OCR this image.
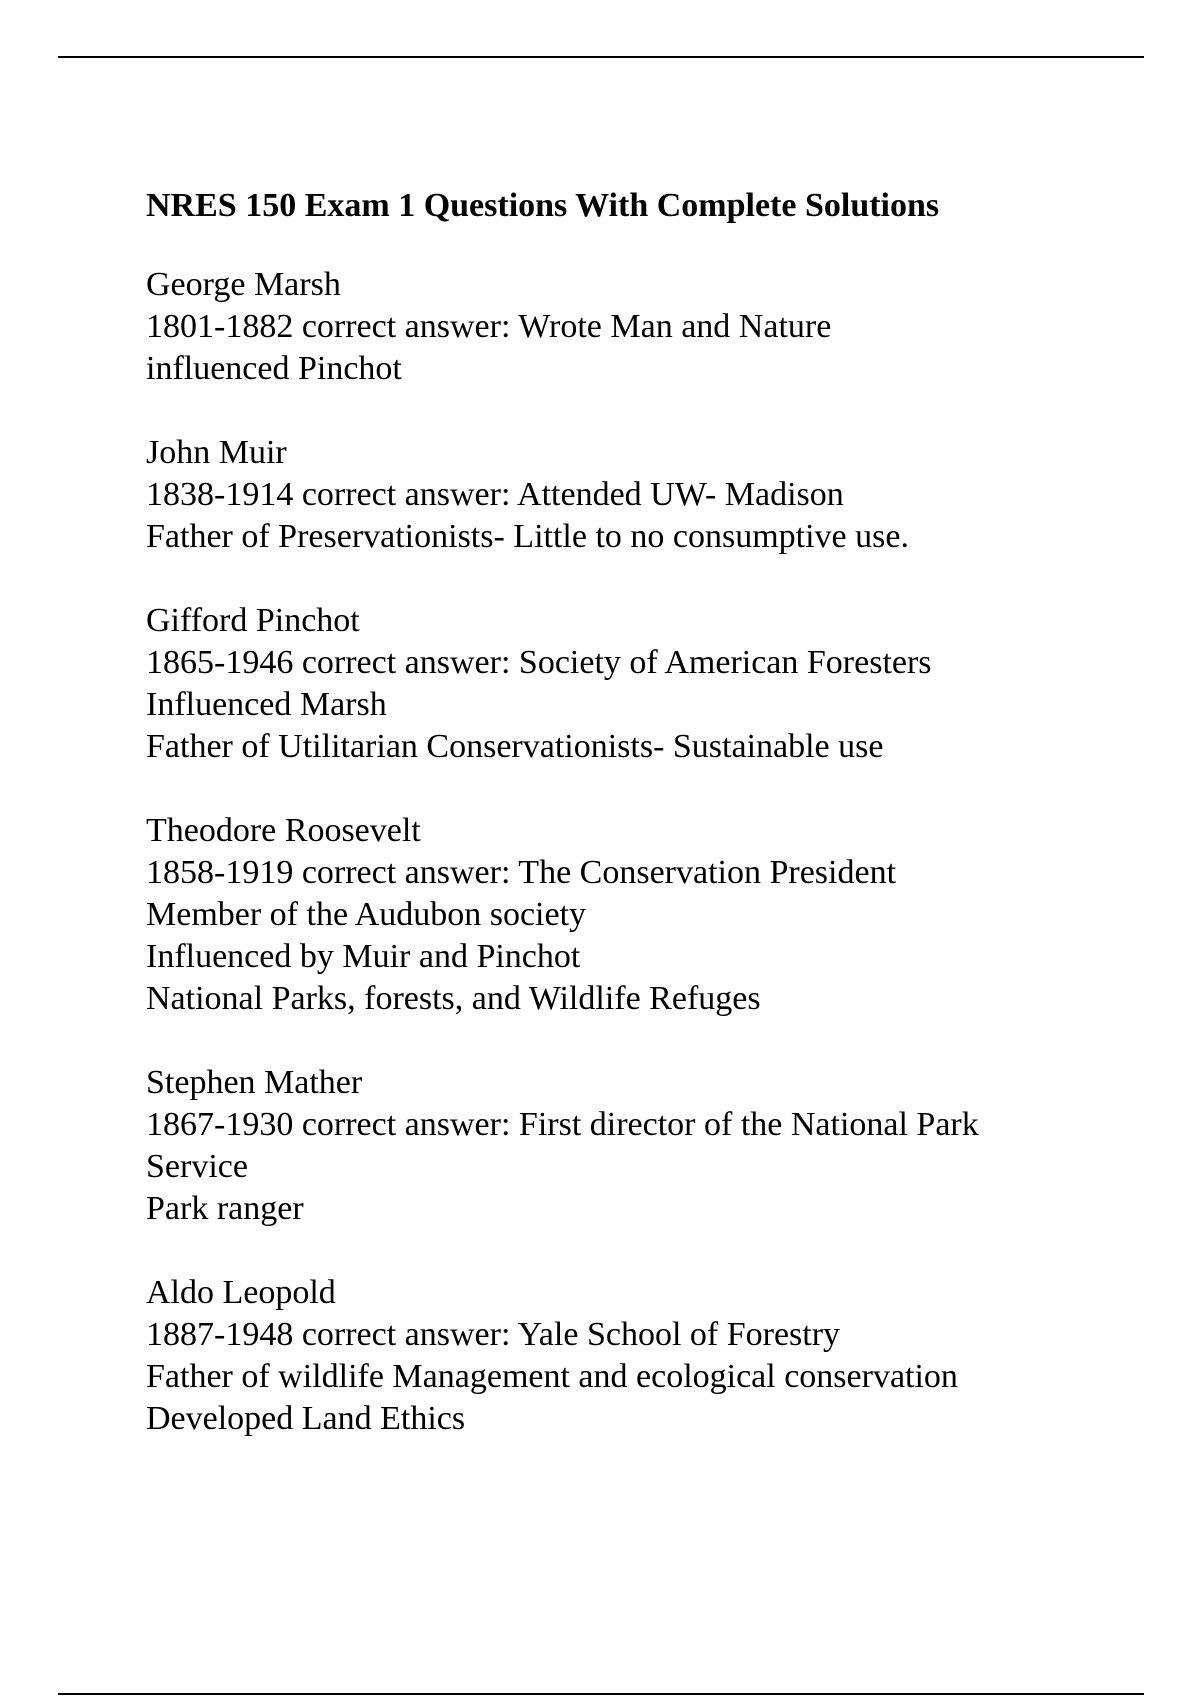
NRES 150 Exam 1 Questions With Complete Solutions
George Marsh
1801-1882 correct answer: Wrote Man and Nature
influenced Pinchot
John Muir
1838-1914 correct answer: Attended UW- Madison
Father of Preservationists- Little to no consumptive use.
Gifford Pinchot
1865-1946 correct answer: Society of American Foresters
Influenced Marsh
Father of Utilitarian Conservationists- Sustainable use
Theodore Roosevelt
1858-1919 correct answer: The Conservation President
Member of the Audubon society
Influenced by Muir and Pinchot
National Parks, forests, and Wildlife Refuges
Stephen Mather
1867-1930 correct answer: First director of the National Park
Service
Park ranger
Aldo Leopold
1887-1948 correct answer: Yale School of Forestry
Father of wildlife Management and ecological conservation
Developed Land Ethics
